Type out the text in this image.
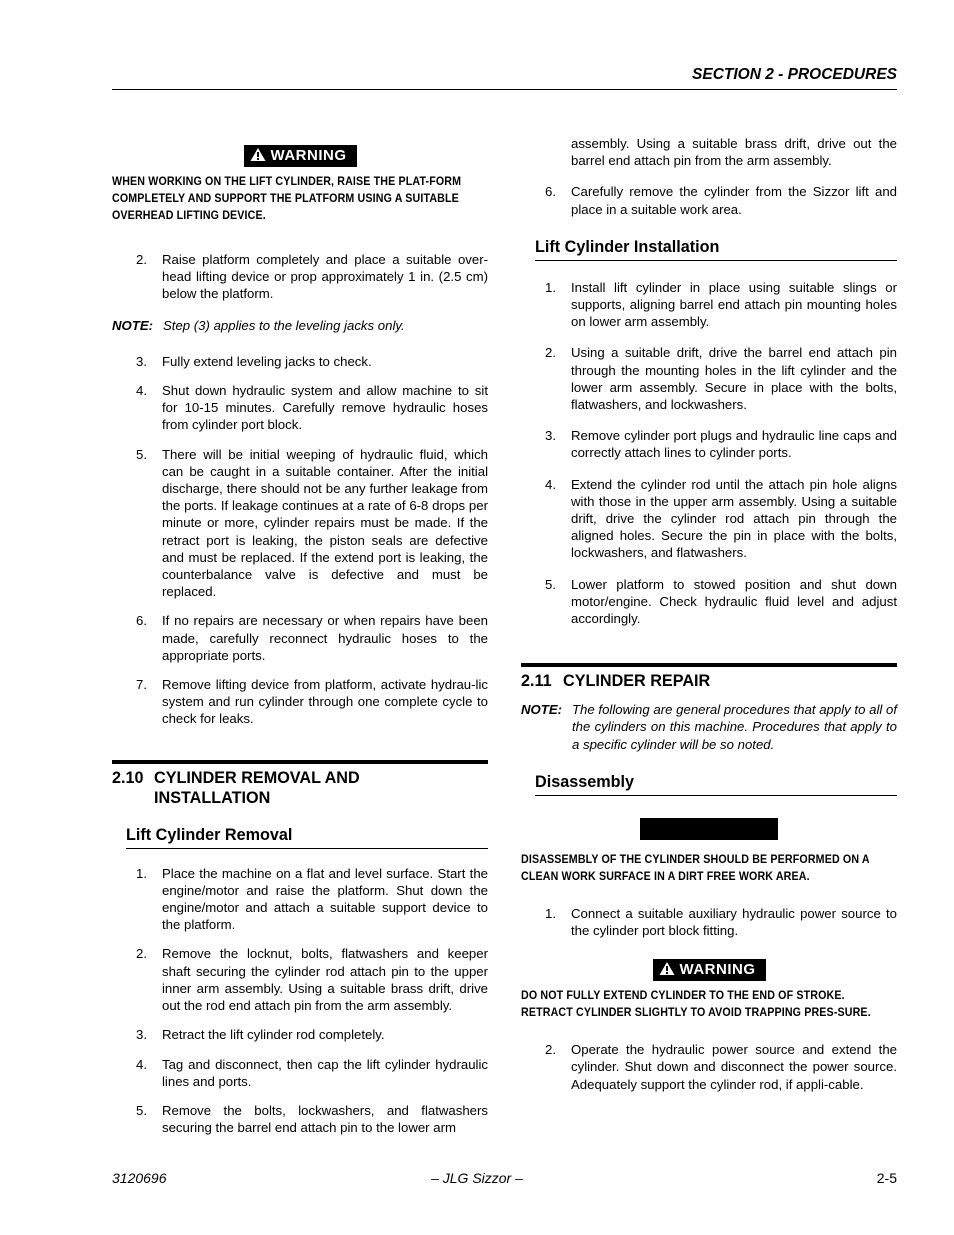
SECTION 2 - PROCEDURES
WARNING
WHEN WORKING ON THE LIFT CYLINDER, RAISE THE PLAT-FORM COMPLETELY AND SUPPORT THE PLATFORM USING A SUITABLE OVERHEAD LIFTING DEVICE.
2. Raise platform completely and place a suitable over-head lifting device or prop approximately 1 in. (2.5 cm) below the platform.
NOTE: Step (3) applies to the leveling jacks only.
3. Fully extend leveling jacks to check.
4. Shut down hydraulic system and allow machine to sit for 10-15 minutes. Carefully remove hydraulic hoses from cylinder port block.
5. There will be initial weeping of hydraulic fluid, which can be caught in a suitable container. After the initial discharge, there should not be any further leakage from the ports. If leakage continues at a rate of 6-8 drops per minute or more, cylinder repairs must be made. If the retract port is leaking, the piston seals are defective and must be replaced. If the extend port is leaking, the counterbalance valve is defective and must be replaced.
6. If no repairs are necessary or when repairs have been made, carefully reconnect hydraulic hoses to the appropriate ports.
7. Remove lifting device from platform, activate hydrau-lic system and run cylinder through one complete cycle to check for leaks.
2.10 CYLINDER REMOVAL AND
INSTALLATION
Lift Cylinder Removal
1. Place the machine on a flat and level surface. Start the engine/motor and raise the platform. Shut down the engine/motor and attach a suitable support device to the platform.
2. Remove the locknut, bolts, flatwashers and keeper shaft securing the cylinder rod attach pin to the upper inner arm assembly. Using a suitable brass drift, drive out the rod end attach pin from the arm assembly.
3. Retract the lift cylinder rod completely.
4. Tag and disconnect, then cap the lift cylinder hydraulic lines and ports.
5. Remove the bolts, lockwashers, and flatwashers securing the barrel end attach pin to the lower arm
assembly. Using a suitable brass drift, drive out the barrel end attach pin from the arm assembly.
6. Carefully remove the cylinder from the Sizzor lift and place in a suitable work area.
Lift Cylinder Installation
1. Install lift cylinder in place using suitable slings or supports, aligning barrel end attach pin mounting holes on lower arm assembly.
2. Using a suitable drift, drive the barrel end attach pin through the mounting holes in the lift cylinder and the lower arm assembly. Secure in place with the bolts, flatwashers, and lockwashers.
3. Remove cylinder port plugs and hydraulic line caps and correctly attach lines to cylinder ports.
4. Extend the cylinder rod until the attach pin hole aligns with those in the upper arm assembly. Using a suitable drift, drive the cylinder rod attach pin through the aligned holes. Secure the pin in place with the bolts, lockwashers, and flatwashers.
5. Lower platform to stowed position and shut down motor/engine. Check hydraulic fluid level and adjust accordingly.
2.11 CYLINDER REPAIR
NOTE: The following are general procedures that apply to all of the cylinders on this machine. Procedures that apply to a specific cylinder will be so noted.
Disassembly
DISASSEMBLY OF THE CYLINDER SHOULD BE PERFORMED ON A CLEAN WORK SURFACE IN A DIRT FREE WORK AREA.
1. Connect a suitable auxiliary hydraulic power source to the cylinder port block fitting.
WARNING
DO NOT FULLY EXTEND CYLINDER TO THE END OF STROKE. RETRACT CYLINDER SLIGHTLY TO AVOID TRAPPING PRES-SURE.
2. Operate the hydraulic power source and extend the cylinder. Shut down and disconnect the power source. Adequately support the cylinder rod, if appli-cable.
3120696	– JLG Sizzor –	2-5
